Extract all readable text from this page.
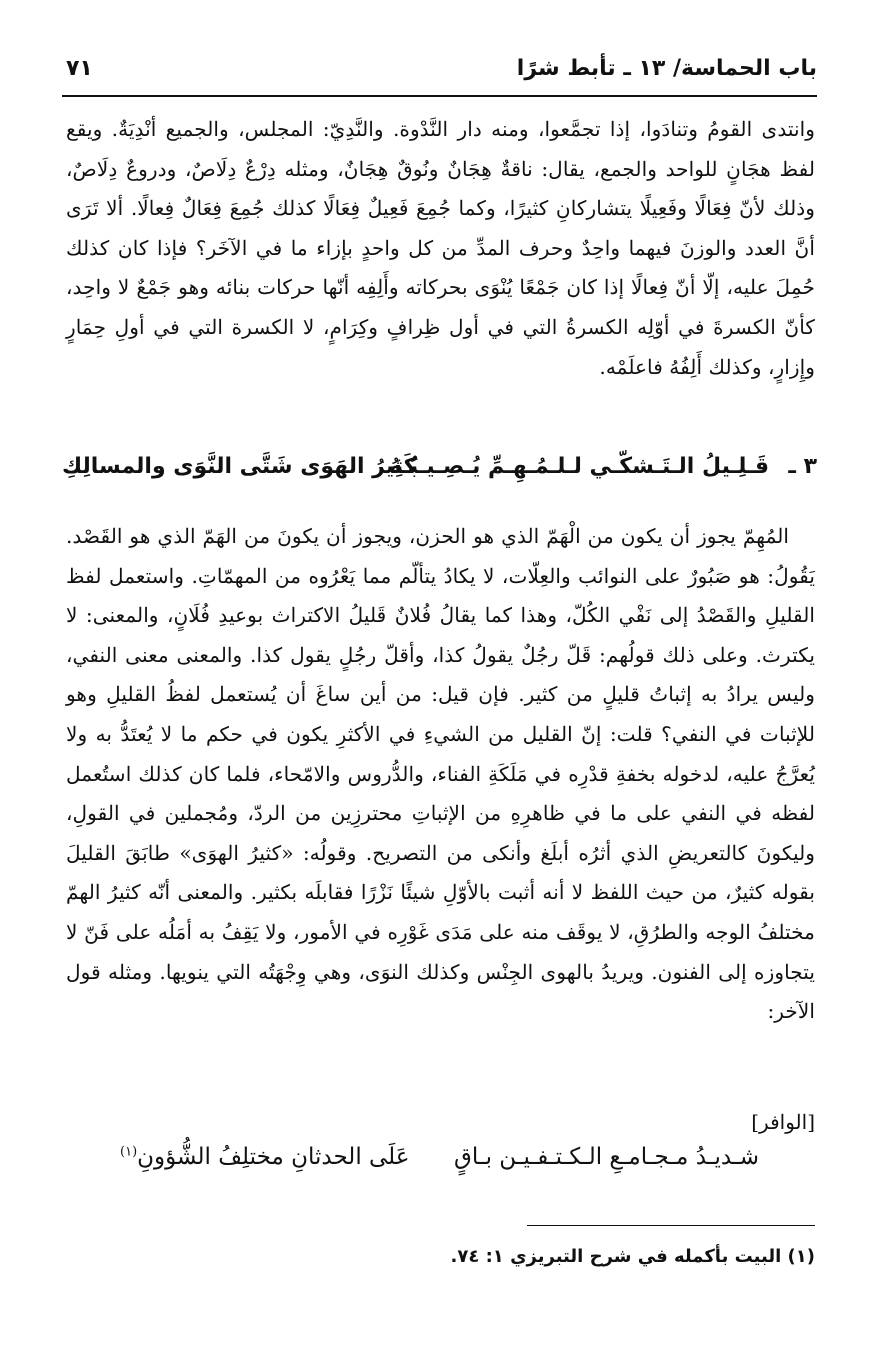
باب الحماسة/ ١٣ ـ تأبط شرًا
٧١
وانتدى القومُ وتنادَوا، إذا تجمَّعوا، ومنه دار النَّدْوة. والنَّدِيّ: المجلس، والجميع أنْدِيَةٌ. ويقع لفظ هجَانٍ للواحد والجمع، يقال: ناقةٌ هِجَانٌ ونُوقٌ هِجَانٌ، ومثله دِرْعٌ دِلَاصٌ، ودروعٌ دِلَاصٌ، وذلك لأنّ فِعَالًا وفَعِيلًا يتشاركانِ كثيرًا، وكما جُمِعَ فَعِيلٌ فِعَالًا كذلك جُمِعَ فِعَالٌ فِعالًا. ألا تَرَى أنَّ العدد والوزنَ فيهما واحِدٌ وحرف المدِّ من كل واحدٍ بإزاء ما في الآخَر؟ فإذا كان كذلك حُمِلَ عليه، إلّا أنّ فِعالًا إذا كان جَمْعًا يُنْوَى بحركاته وأَلِفِه أنّها حركات بنائه وهو جَمْعٌ لا واحِد، كأنّ الكسرةَ في أوّلِه الكسرةُ التي في أول ظِرافٍ وكِرَامٍ، لا الكسرة التي في أولِ حِمَارٍ وإِزارٍ، وكذلك أَلِفُهُ فاعلَمْه.
٣ ـ
قَـلِـيلُ الـتَـشكّـي لـلـمُـهِـمِّ يُـصِـيـبُـهُ
كَثِيرُ الهَوَى شَتَّى النَّوَى والمسالِكِ
المُهِمّ يجوز أن يكون من الْهَمّ الذي هو الحزن، ويجوز أن يكونَ من الهَمّ الذي هو القَصْد. يَقُولُ: هو صَبُورٌ على النوائب والعِلّات، لا يكادُ يتألّم مما يَعْرُوه من المهمّاتِ. واستعمل لفظ القليلِ والقَصْدُ إلى نَفْي الكُلّ، وهذا كما يقالُ فُلانٌ قَليلُ الاكتراث بوعيدِ فُلَانٍ، والمعنى: لا يكترث. وعلى ذلك قولُهم: قَلّ رجُلٌ يقولُ كذا، وأقلّ رجُلٍ يقول كذا. والمعنى معنى النفي، وليس يرادُ به إثباتُ قليلٍ من كثير. فإن قيل: من أين ساغَ أن يُستعمل لفظُ القليلِ وهو للإثبات في النفي؟ قلت: إنّ القليل من الشيءِ في الأكثرِ يكون في حكم ما لا يُعتَدُّ به ولا يُعرَّجُ عليه، لدخوله بخفةِ قدْرِه في مَلَكَةِ الفناء، والدُّروس والامّحاء، فلما كان كذلك استُعمل لفظه في النفي على ما في ظاهرِهِ من الإثباتِ محترزِين من الردّ، ومُجملين في القولِ، وليكونَ كالتعريضِ الذي أثرُه أبلَغ وأنكى من التصريح. وقولُه: «كثيرُ الهوَى» طابَقَ القليلَ بقوله كثيرٌ، من حيث اللفظ لا أنه أثبت بالأوّلِ شيئًا نَزْرًا فقابلَه بكثير. والمعنى أنّه كثيرُ الهمّ مختلفُ الوجه والطرُقِ، لا يوقَف منه على مَدَى غَوْرِه في الأمور، ولا يَقِفُ به أمَلُه على فَنّ لا يتجاوزه إلى الفنون. ويريدُ بالهوى الجِنْس وكذلك النوَى، وهي وِجْهَتُه التي ينويها. ومثله قول الآخر:
[الوافر]
شـديـدُ مـجـامـعِ الـكـتـفـيـن بـاقٍ
عَلَى الحدثانِ مختلِفُ الشُّؤونِ$^{(١)}$
(١) البيت بأكمله في شرح التبريزي ١: ٧٤.
